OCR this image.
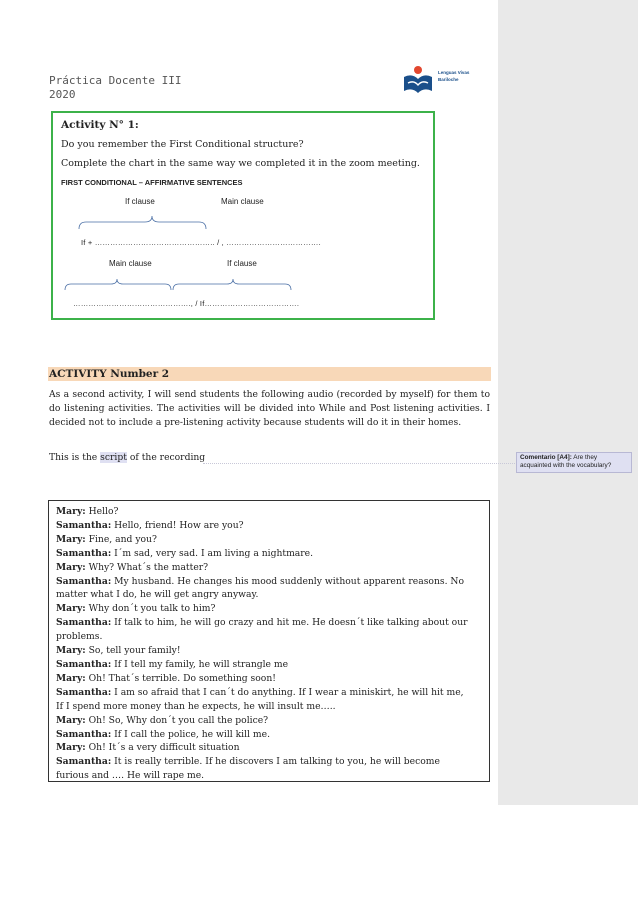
Práctica Docente III
2020
Lenguas Vivas
Bariloche
Activity N° 1:
Do you remember the First Conditional structure?
Complete the chart in the same way we completed it in the zoom meeting.
FIRST CONDITIONAL – AFFIRMATIVE SENTENCES
If clause	Main clause
If + ……………………………………….. / , ……………………………….
Main clause	If clause
………………………………………., / If……………………………….
ACTIVITY Number 2
As a second activity, I will send students the following audio (recorded by myself) for them to do listening activities. The activities will be divided into While and Post listening activities. I decided not to include a pre-listening activity because students will do it in their homes.
This is the script of the recording

Mary: Hello?

Samantha: Hello, friend! How are you?

Mary: Fine, and you?

Samantha: I´m sad, very sad. I am living a nightmare.

Mary: Why? What´s the matter?

Samantha: My husband. He changes his mood suddenly without apparent reasons. No matter what I do, he will get angry anyway.

Mary: Why don´t you talk to him?

Samantha: If talk to him, he will go crazy and hit me. He doesn´t like talking about our problems.

Mary: So, tell your family!

Samantha: If I tell my family, he will strangle me

Mary: Oh! That´s terrible. Do something soon!

Samantha: I am so afraid that I can´t do anything. If I wear a miniskirt, he will hit me, If I spend more money than he expects, he will insult me…..

Mary: Oh! So, Why don´t you call the police?

Samantha: If I call the police, he will kill me.

Mary: Oh! It´s a very difficult situation

Samantha: It is really terrible. If he discovers I am talking to you, he will become furious and …. He will rape me.

Comentario [A4]: Are they acquainted with the vocabulary?
